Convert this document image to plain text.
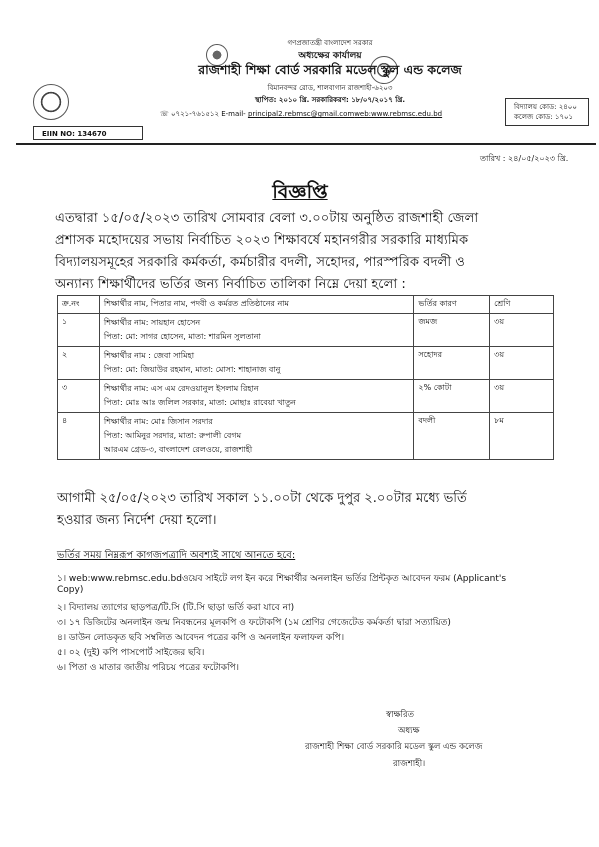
গণপ্রজাতন্ত্রী বাংলাদেশ সরকার
অধ্যক্ষের কার্যালয়
রাজশাহী শিক্ষা বোর্ড সরকারি মডেল স্কুল এন্ড কলেজ
বিমানবন্দর রোড, শালবাগান রাজশাহী-৬২০৩
স্থাপিত: ২০১০ খ্রি. সরকারিকরণ: ১৮/০৭/২০১৭ খ্রি.
☏ ০৭২১-৭৬১৫১২ E-mail- principal2.rebmsc@gmail.comweb:www.rebmsc.edu.bd
EIIN NO: 134670
বিদ্যালয় কোড: ২৪০০
কলেজ কোড: ১৭০১
তারিখ : ২৪/০৫/২০২৩ খ্রি.
বিজ্ঞপ্তি
এতদ্বারা ১৫/০৫/২০২৩ তারিখ সোমবার বেলা ৩.০০টায় অনুষ্ঠিত রাজশাহী জেলা
প্রশাসক মহোদয়ের সভায় নির্বাচিত ২০২৩ শিক্ষাবর্ষে মহানগরীর সরকারি মাধ্যমিক
বিদ্যালয়সমূহের সরকারি কর্মকর্তা, কর্মচারীর বদলী, সহোদর, পারস্পরিক বদলী ও
অন্যান্য শিক্ষার্থীদের ভর্তির জন্য নির্বাচিত তালিকা নিম্নে দেয়া হলো :
ক্র.নং	শিক্ষার্থীর নাম, পিতার নাম, পদবী ও কর্মরত প্রতিষ্ঠানের নাম	ভর্তির কারণ	শ্রেণি
১	শিক্ষার্থীর নাম: সায়হান হোসেন
পিতা: মো: সাগর হোসেন, মাতা: শারমিন সুলতানা	জমজ	৩য়
২	শিক্ষার্থীর নাম : জেবা সামিহা
পিতা: মো: জিয়াউর রহমান, মাতা: মোসা: শাহানাজ বানু	সহোদর	৩য়
৩	শিক্ষার্থীর নাম: এস এম রেদওয়ানুল ইসলাম রিহান
পিতা: মোঃ আঃ জলিল সরকার, মাতা: মোছাঃ রাবেয়া খাতুন	২% কোটা	৩য়
৪	শিক্ষার্থীর নাম: মোঃ জিসান সরদার
পিতা: আমিনুর সরদার, মাতা: রুপালী বেগম
আরএম গ্রেড-৩, বাংলাদেশ রেলওয়ে, রাজশাহী	বদলী	৮ম
আগামী ২৫/০৫/২০২৩ তারিখ সকাল ১১.০০টা থেকে দুপুর ২.০০টার মধ্যে ভর্তি
হওয়ার জন্য নির্দেশ দেয়া হলো।
ভর্তির সময় নিম্নরূপ কাগজপত্রাদি অবশ্যই সাথে আনতে হবে:
১। web:www.rebmsc.edu.bdওয়েব সাইটে লগ ইন করে শিক্ষার্থীর অনলাইন ভর্তির প্রিন্টকৃত আবেদন ফরম (Applicant's
Copy)
২। বিদ্যালয় ত্যাগের ছাড়পত্র/টি.সি (টি.সি ছাড়া ভর্তি করা যাবে না)
৩। ১৭ ডিজিটের অনলাইন জন্ম নিবন্ধনের মূলকপি ও ফটোকপি (১ম শ্রেণির গেজেটেড কর্মকর্তা দ্বারা সত্যায়িত)
৪। ডাউন লোডকৃত ছবি সম্বলিত আবেদন পত্রের কপি ও অনলাইন ফলাফল কপি।
৫। ০২ (দুই) কপি পাসপোর্ট সাইজের ছবি।
৬। পিতা ও মাতার জাতীয় পরিচয় পত্রের ফটোকপি।
স্বাক্ষরিত
অধ্যক্ষ
রাজশাহী শিক্ষা বোর্ড সরকারি মডেল স্কুল এন্ড কলেজ
রাজশাহী।
